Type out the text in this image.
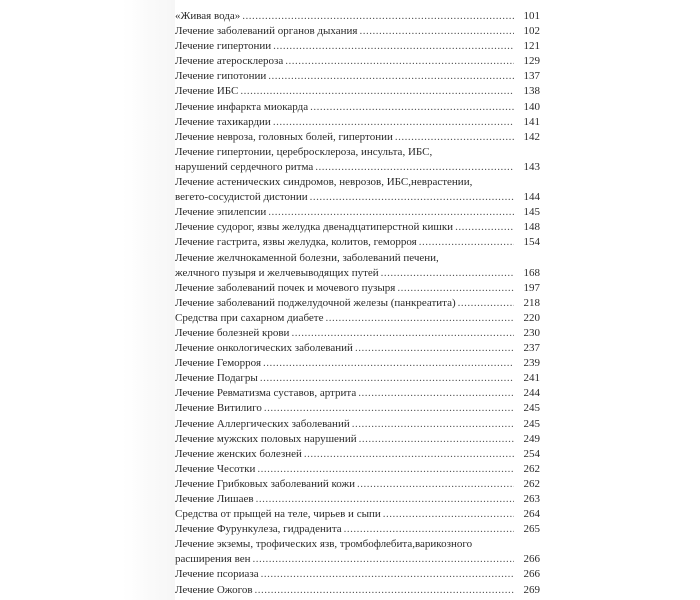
«Живая вода» .....	101
Лечение заболеваний органов дыхания .....	102
Лечение гипертонии .....	121
Лечение атеросклероза .....	129
Лечение гипотонии .....	137
Лечение ИБС .....	138
Лечение инфаркта миокарда .....	140
Лечение тахикардии .....	141
Лечение невроза, головных болей, гипертонии .....	142
Лечение гипертонии, церебросклероза, инсульта, ИБС,
нарушений сердечного ритма .....	143
Лечение астенических синдромов, неврозов, ИБС,неврастении,
вегето-сосудистой дистонии .....	144
Лечение эпилепсии .....	145
Лечение судорог, язвы желудка двенадцатиперстной кишки .....	148
Лечение гастрита, язвы желудка, колитов, геморроя .....	154
Лечение желчнокаменной болезни, заболеваний печени,
желчного пузыря и желчевыводящих путей .....	168
Лечение заболеваний почек и мочевого пузыря .....	197
Лечение заболеваний поджелудочной железы (панкреатита) .....	218
Средства при сахарном диабете .....	220
Лечение болезней крови .....	230
Лечение онкологических заболеваний .....	237
Лечение Геморроя .....	239
Лечение Подагры .....	241
Лечение Ревматизма суставов, артрита .....	244
Лечение Витилиго .....	245
Лечение Аллергических заболеваний .....	245
Лечение мужских половых нарушений .....	249
Лечение женских болезней .....	254
Лечение Чесотки .....	262
Лечение Грибковых заболеваний кожи .....	262
Лечение Лишаев .....	263
Средства от прыщей на теле, чирьев и сыпи .....	264
Лечение Фурункулеза, гидраденита .....	265
Лечение экземы, трофических язв, тромбофлебита,варикозного
расширения вен .....	266
Лечение псориаза .....	266
Лечение Ожогов .....	269
